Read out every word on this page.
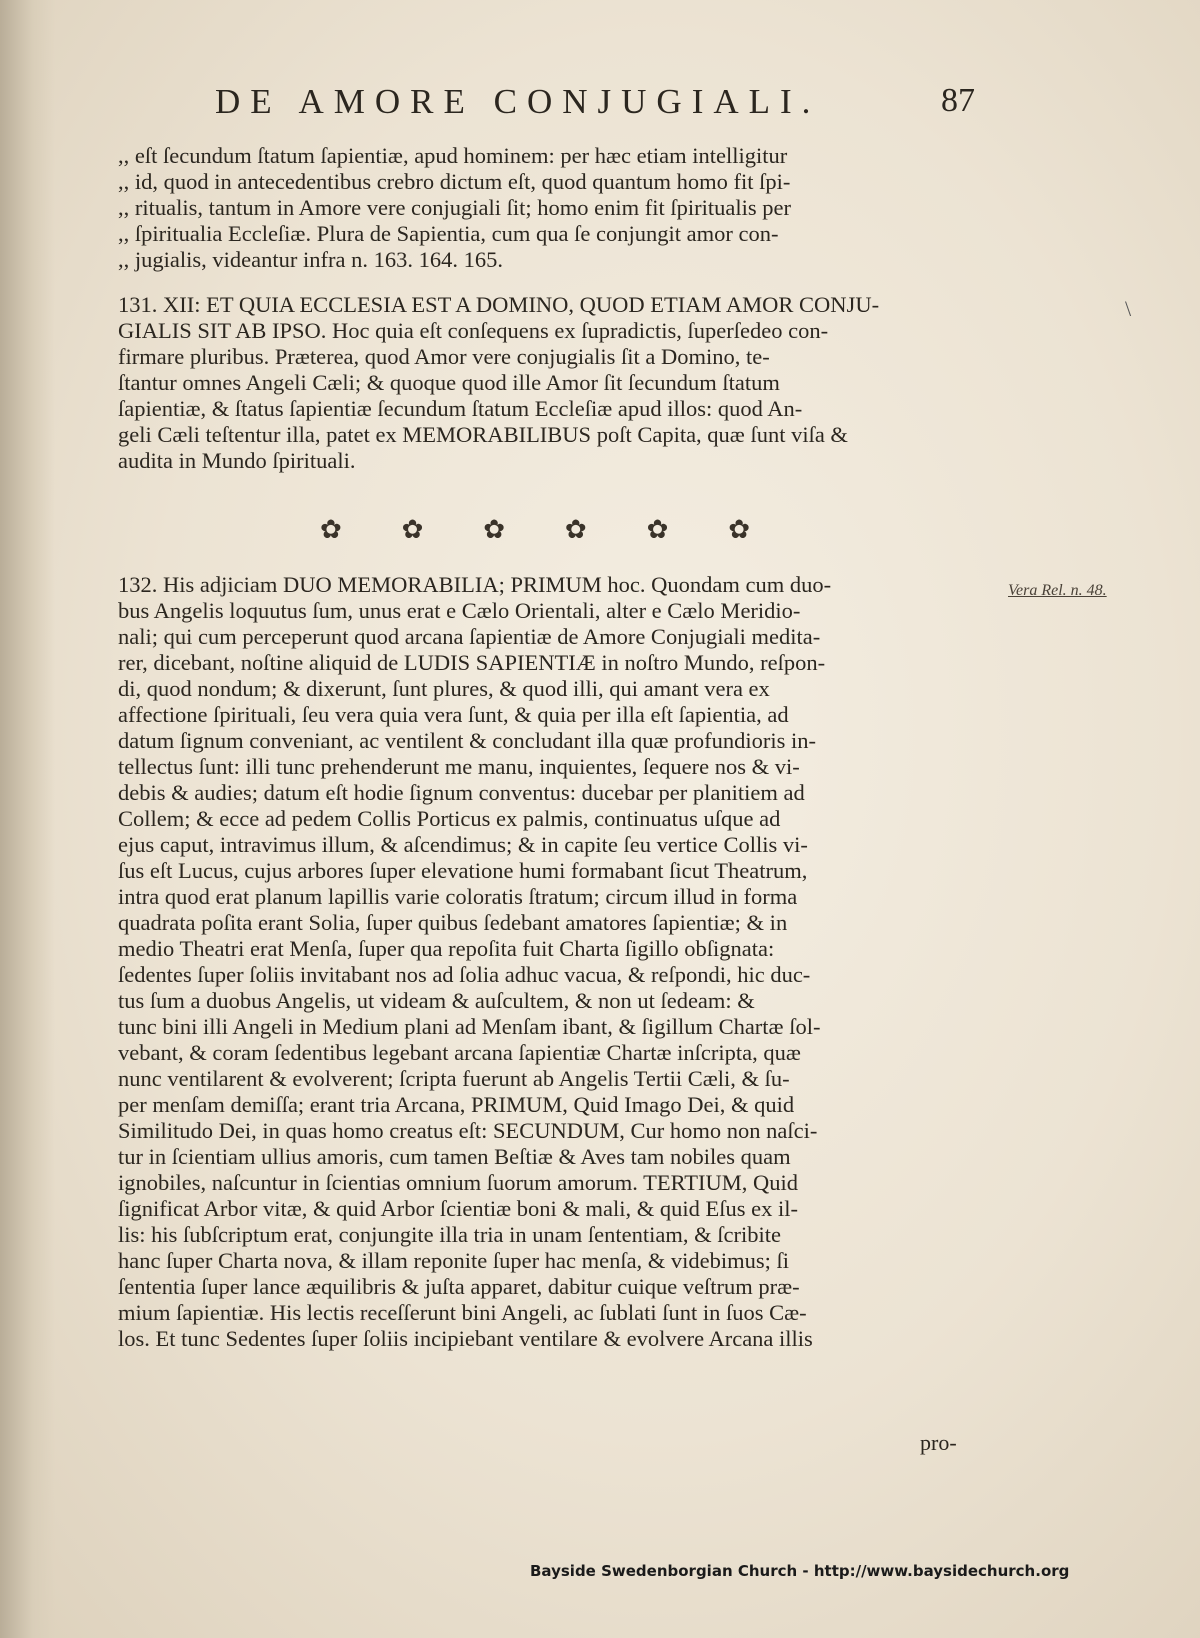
DE AMORE CONJUGIALI.	87
,, eſt ſecundum ſtatum ſapientiæ, apud hominem: per hæc etiam intelligitur
,, id, quod in antecedentibus crebro dictum eſt, quod quantum homo fit ſpi-
,, ritualis, tantum in Amore vere conjugiali ſit; homo enim fit ſpiritualis per
,, ſpiritualia Eccleſiæ. Plura de Sapientia, cum qua ſe conjungit amor con-
,, jugialis, videantur infra n. 163. 164. 165.
\
131. XII: ET QUIA ECCLESIA EST A DOMINO, QUOD ETIAM AMOR CONJU-
GIALIS SIT AB IPSO. Hoc quia eſt conſequens ex ſupradictis, ſuperſedeo con-
firmare pluribus. Præterea, quod Amor vere conjugialis ſit a Domino, te-
ſtantur omnes Angeli Cæli; & quoque quod ille Amor ſit ſecundum ſtatum
ſapientiæ, & ſtatus ſapientiæ ſecundum ſtatum Eccleſiæ apud illos: quod An-
geli Cæli teſtentur illa, patet ex MEMORABILIBUS poſt Capita, quæ ſunt viſa &
audita in Mundo ſpirituali.
✿ ✿ ✿ ✿ ✿ ✿
Vera Rel. n. 48.
132. His adjiciam DUO MEMORABILIA; PRIMUM hoc. Quondam cum duo-
bus Angelis loquutus ſum, unus erat e Cælo Orientali, alter e Cælo Meridio-
nali; qui cum perceperunt quod arcana ſapientiæ de Amore Conjugiali medita-
rer, dicebant, noſtine aliquid de LUDIS SAPIENTIÆ in noſtro Mundo, reſpon-
di, quod nondum; & dixerunt, ſunt plures, & quod illi, qui amant vera ex
affectione ſpirituali, ſeu vera quia vera ſunt, & quia per illa eſt ſapientia, ad
datum ſignum conveniant, ac ventilent & concludant illa quæ profundioris in-
tellectus ſunt: illi tunc prehenderunt me manu, inquientes, ſequere nos & vi-
debis & audies; datum eſt hodie ſignum conventus: ducebar per planitiem ad
Collem; & ecce ad pedem Collis Porticus ex palmis, continuatus uſque ad
ejus caput, intravimus illum, & aſcendimus; & in capite ſeu vertice Collis vi-
ſus eſt Lucus, cujus arbores ſuper elevatione humi formabant ſicut Theatrum,
intra quod erat planum lapillis varie coloratis ſtratum; circum illud in forma
quadrata poſita erant Solia, ſuper quibus ſedebant amatores ſapientiæ; & in
medio Theatri erat Menſa, ſuper qua repoſita fuit Charta ſigillo obſignata:
ſedentes ſuper ſoliis invitabant nos ad ſolia adhuc vacua, & reſpondi, hic duc-
tus ſum a duobus Angelis, ut videam & auſcultem, & non ut ſedeam: &
tunc bini illi Angeli in Medium plani ad Menſam ibant, & ſigillum Chartæ ſol-
vebant, & coram ſedentibus legebant arcana ſapientiæ Chartæ inſcripta, quæ
nunc ventilarent & evolverent; ſcripta fuerunt ab Angelis Tertii Cæli, & ſu-
per menſam demiſſa; erant tria Arcana, PRIMUM, Quid Imago Dei, & quid
Similitudo Dei, in quas homo creatus eſt: SECUNDUM, Cur homo non naſci-
tur in ſcientiam ullius amoris, cum tamen Beſtiæ & Aves tam nobiles quam
ignobiles, naſcuntur in ſcientias omnium ſuorum amorum. TERTIUM, Quid
ſignificat Arbor vitæ, & quid Arbor ſcientiæ boni & mali, & quid Eſus ex il-
lis: his ſubſcriptum erat, conjungite illa tria in unam ſententiam, & ſcribite
hanc ſuper Charta nova, & illam reponite ſuper hac menſa, & videbimus; ſi
ſententia ſuper lance æquilibris & juſta apparet, dabitur cuique veſtrum præ-
mium ſapientiæ. His lectis receſſerunt bini Angeli, ac ſublati ſunt in ſuos Cæ-
los. Et tunc Sedentes ſuper ſoliis incipiebant ventilare & evolvere Arcana illis
pro-
Bayside Swedenborgian Church - http://www.baysidechurch.org
